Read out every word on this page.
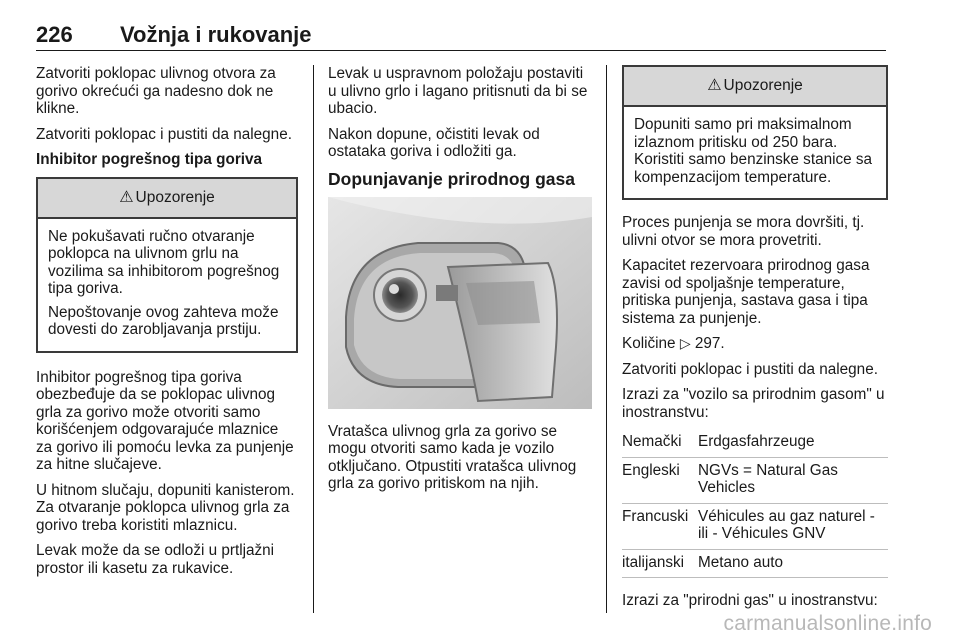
226 Vožnja i rukovanje

Zatvoriti poklopac ulivnog otvora za gorivo okrećući ga nadesno dok ne klikne.

Zatvoriti poklopac i pustiti da nalegne.

Inhibitor pogrešnog tipa goriva

⚠ Upozorenje

Ne pokušavati ručno otvaranje poklopca na ulivnom grlu na vozilima sa inhibitorom pogrešnog tipa goriva.

Nepoštovanje ovog zahteva može dovesti do zarobljavanja prstiju.

Inhibitor pogrešnog tipa goriva obezbeđuje da se poklopac ulivnog grla za gorivo može otvoriti samo korišćenjem odgovarajuće mlaznice za gorivo ili pomoću levka za punjenje za hitne slučajeve.

U hitnom slučaju, dopuniti kanisterom. Za otvaranje poklopca ulivnog grla za gorivo treba koristiti mlaznicu.

Levak može da se odloži u prtljažni prostor ili kasetu za rukavice.

Levak u uspravnom položaju postaviti u ulivno grlo i lagano pritisnuti da bi se ubacio.

Nakon dopune, očistiti levak od ostataka goriva i odložiti ga.

Dopunjavanje prirodnog gasa

Vratašca ulivnog grla za gorivo se mogu otvoriti samo kada je vozilo otključano. Otpustiti vratašca ulivnog grla za gorivo pritiskom na njih.

⚠ Upozorenje

Dopuniti samo pri maksimalnom izlaznom pritisku od 250 bara. Koristiti samo benzinske stanice sa kompenzacijom temperature.

Proces punjenja se mora dovršiti, tj. ulivni otvor se mora provetriti.

Kapacitet rezervoara prirodnog gasa zavisi od spoljašnje temperature, pritiska punjenja, sastava gasa i tipa sistema za punjenje.

Količine ▷ 297.

Zatvoriti poklopac i pustiti da nalegne.

Izrazi za "vozilo sa prirodnim gasom" u inostranstvu:

Nemački	Erdgasfahrzeuge
Engleski	NGVs = Natural Gas Vehicles
Francuski	Véhicules au gaz naturel - ili - Véhicules GNV
italijanski	Metano auto

Izrazi za "prirodni gas" u inostranstvu:

carmanualsonline.info
